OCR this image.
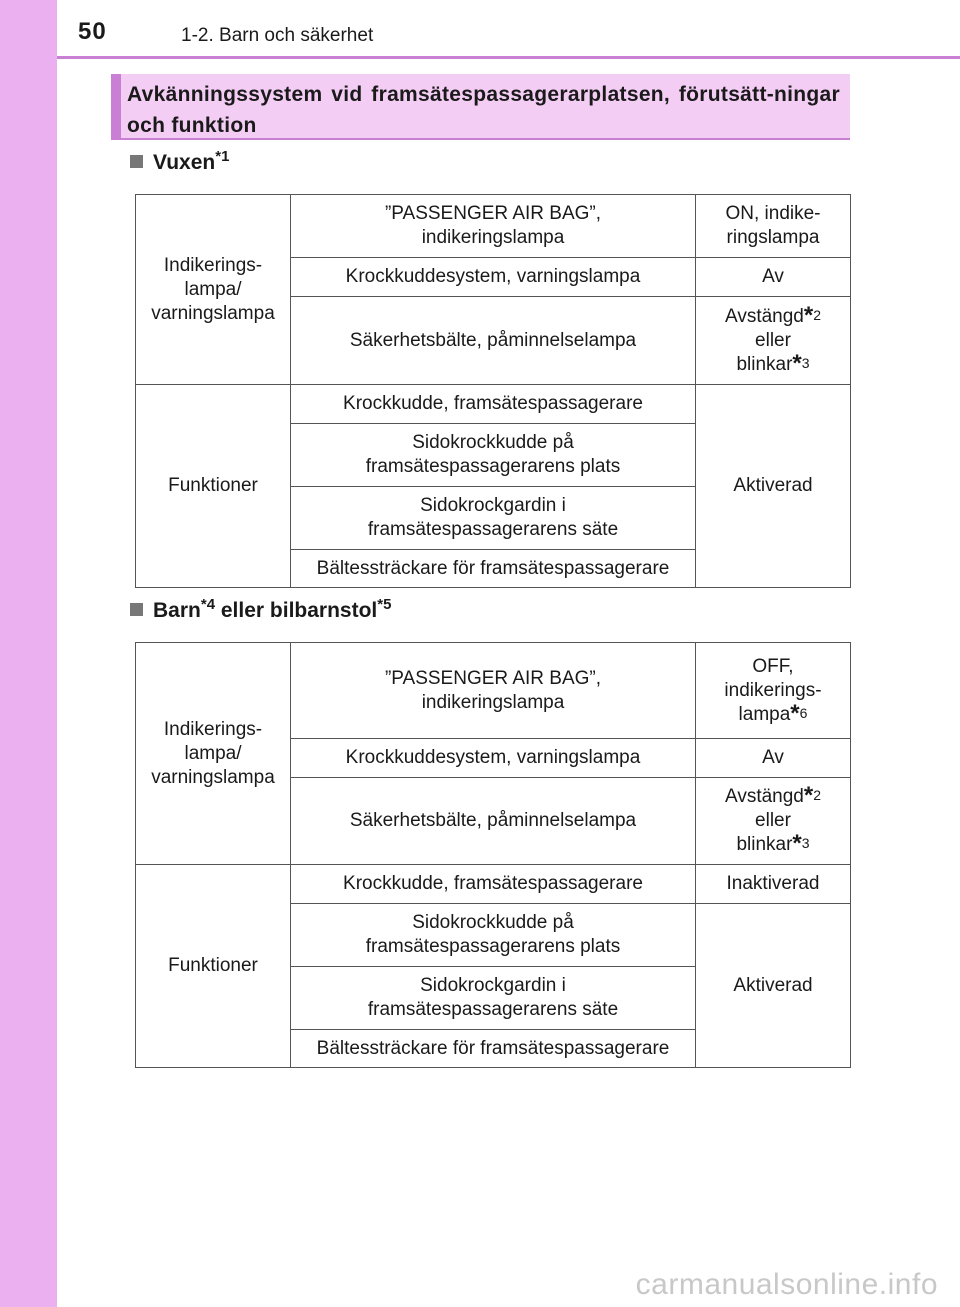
50	1-2. Barn och säkerhet
Avkänningssystem vid framsätespassagerarplatsen, förutsätt-ningar och funktion
Vuxen$^{*1}$
Indikerings-
lampa/
varningslampa	”PASSENGER AIR BAG”,
indikeringslampa	ON, indike-
ringslampa

	Krockkuddesystem, varningslampa	Av
	Säkerhetsbälte, påminnelselampa	Avstängd*$^2$
eller
blinkar*$^3$

Funktioner	Krockkudde, framsätespassagerare	Aktiverad

	Sidokrockkudde på
framsätespassagerarens plats	

	Sidokrockgardin i
framsätespassagerarens säte	

	Bältessträckare för framsätespassagerare	
Barn$^{*4}$ eller bilbarnstol$^{*5}$
Indikerings-
lampa/
varningslampa	”PASSENGER AIR BAG”,
indikeringslampa	OFF,
indikerings-
lampa*$^6$

	Krockkuddesystem, varningslampa	Av
	Säkerhetsbälte, påminnelselampa	Avstängd*$^2$
eller
blinkar*$^3$

Funktioner	Krockkudde, framsätespassagerare	Inaktiverad

	Sidokrockkudde på
framsätespassagerarens plats	Aktiverad

	Sidokrockgardin i
framsätespassagerarens säte	

	Bältessträckare för framsätespassagerare	
carmanualsonline.info
